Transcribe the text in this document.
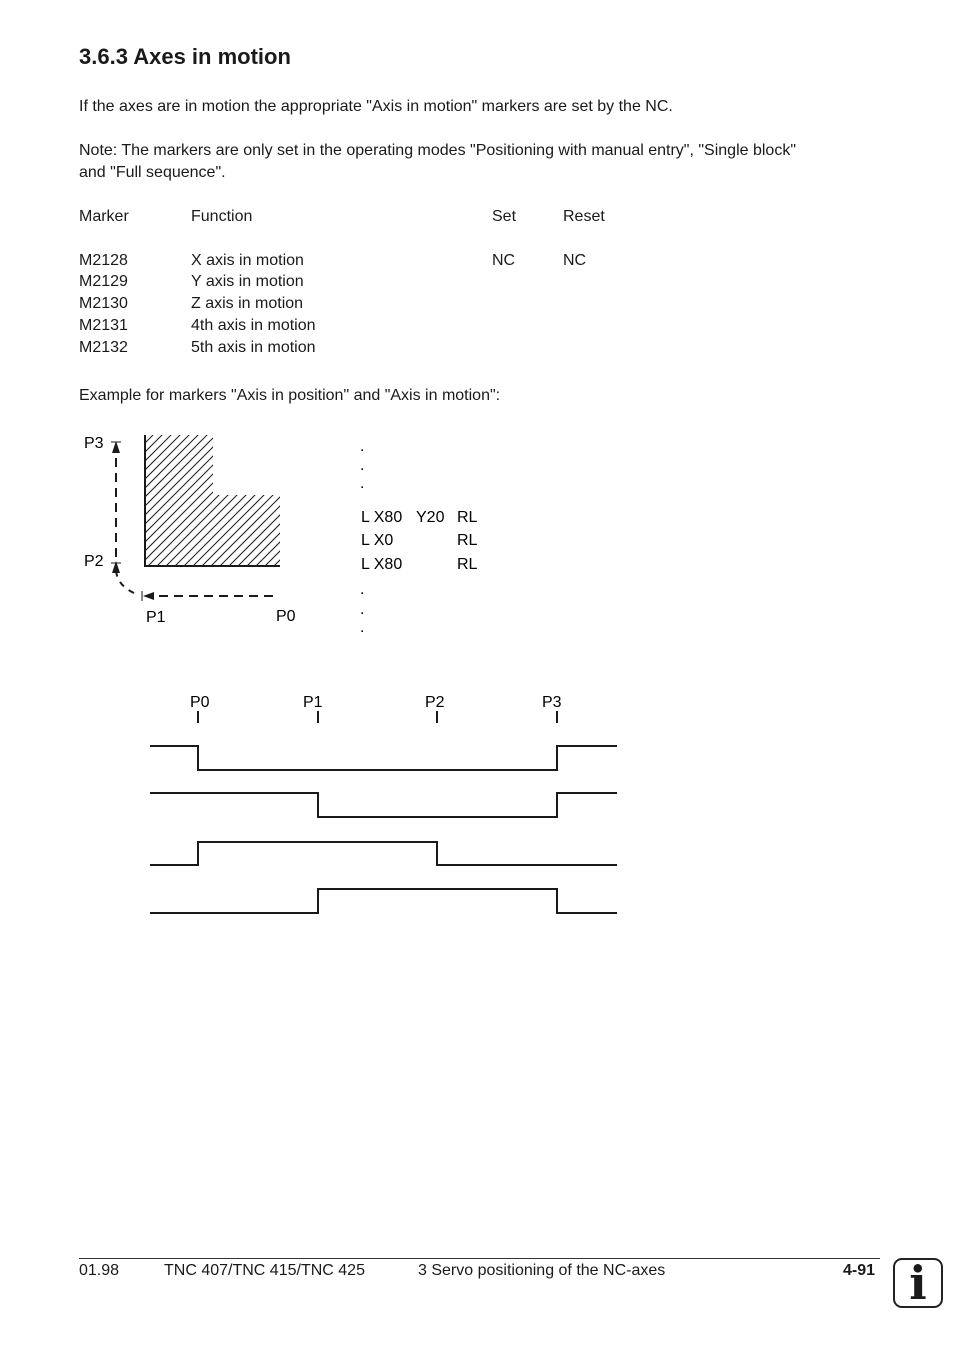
3.6.3 Axes in motion
If the axes are in motion the appropriate "Axis in motion" markers are set by the NC.
Note: The markers are only set in the operating modes "Positioning with manual entry", "Single block"
and "Full sequence".
Marker	Function	Set	Reset
M2128	X axis in motion	NC	NC
M2129	Y axis in motion
M2130	Z axis in motion
M2131	4th axis in motion
M2132	5th axis in motion
Example for markers "Axis in position" and "Axis in motion":
P3
P2
P1	P0
.
.
.
L X80 Y20 RL
L X0	RL
L X80	RL
.
.
.
P0	P1	P2	P3
01.98	TNC 407/TNC 415/TNC 425	3 Servo positioning of the NC-axes	4-91 i
